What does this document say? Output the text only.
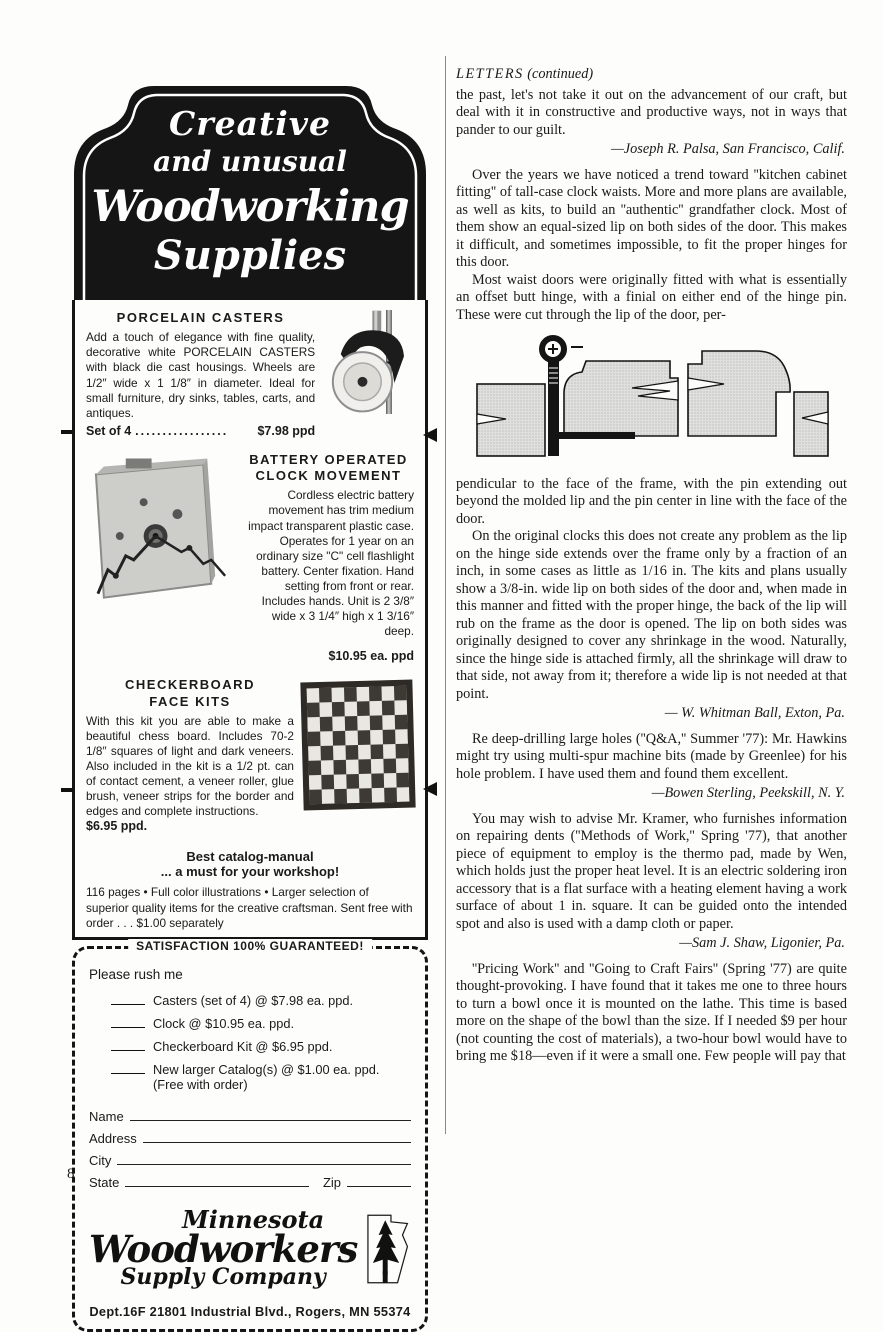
Creative
and unusual
Woodworking
Supplies
PORCELAIN CASTERS
Add a touch of elegance with fine quality, decorative white PORCELAIN CASTERS with black die cast housings. Wheels are 1/2″ wide x 1 1/8″ in diameter. Ideal for small furniture, dry sinks, tables, carts, and antiques.
Set of 4 .................	$7.98 ppd
BATTERY OPERATED
CLOCK MOVEMENT
Cordless electric battery movement has trim medium impact transparent plastic case. Operates for 1 year on an ordinary size "C" cell flashlight battery. Center fixation. Hand setting from front or rear. Includes hands. Unit is 2 3/8″ wide x 3 1/4″ high x 1 3/16″ deep.
$10.95 ea. ppd
CHECKERBOARD
FACE KITS
With this kit you are able to make a beautiful chess board. Includes 70-2 1/8″ squares of light and dark veneers. Also included in the kit is a 1/2 pt. can of contact cement, a veneer roller, glue brush, veneer strips for the border and edges and complete instructions.
$6.95 ppd.
Best catalog-manual
... a must for your workshop!
116 pages • Full color illustrations • Larger selection of superior quality items for the creative craftsman. Sent free with order . . . $1.00 separately
SATISFACTION 100% GUARANTEED!
Please rush me
Casters (set of 4) @ $7.98 ea. ppd.
Clock @ $10.95 ea. ppd.
Checkerboard Kit @ $6.95 ppd.
New larger Catalog(s) @ $1.00 ea. ppd. (Free with order)
Name
Address
City
State	Zip
Minnesota
Woodworkers
Supply Company
Dept.16F 21801 Industrial Blvd., Rogers, MN 55374
LETTERS (continued)

the past, let's not take it out on the advancement of our craft, but deal with it in constructive and productive ways, not in ways that pander to our guilt.

—Joseph R. Palsa, San Francisco, Calif.

Over the years we have noticed a trend toward ''kitchen cabinet fitting'' of tall-case clock waists. More and more plans are available, as well as kits, to build an ''authentic'' grandfather clock. Most of them show an equal-sized lip on both sides of the door. This makes it difficult, and sometimes impossible, to fit the proper hinges for this door.

Most waist doors were originally fitted with what is essentially an offset butt hinge, with a finial on either end of the hinge pin. These were cut through the lip of the door, per-

pendicular to the face of the frame, with the pin extending out beyond the molded lip and the pin center in line with the face of the door.

On the original clocks this does not create any problem as the lip on the hinge side extends over the frame only by a fraction of an inch, in some cases as little as 1/16 in. The kits and plans usually show a 3/8-in. wide lip on both sides of the door and, when made in this manner and fitted with the proper hinge, the back of the lip will rub on the frame as the door is opened. The lip on both sides was originally designed to cover any shrinkage in the wood. Naturally, since the hinge side is attached firmly, all the shrinkage will draw to that side, not away from it; therefore a wide lip is not needed at that point.

— W. Whitman Ball, Exton, Pa.

Re deep-drilling large holes (''Q&A,'' Summer '77): Mr. Hawkins might try using multi-spur machine bits (made by Greenlee) for his hole problem. I have used them and found them excellent.

—Bowen Sterling, Peekskill, N. Y.

You may wish to advise Mr. Kramer, who furnishes information on repairing dents (''Methods of Work,'' Spring '77), that another piece of equipment to employ is the thermo pad, made by Wen, which holds just the proper heat level. It is an electric soldering iron accessory that is a flat surface with a heating element having a work surface of about 1 in. square. It can be guided onto the intended spot and also is used with a damp cloth or paper.

—Sam J. Shaw, Ligonier, Pa.

''Pricing Work'' and ''Going to Craft Fairs'' (Spring '77) are quite thought-provoking. I have found that it takes me one to three hours to turn a bowl once it is mounted on the lathe. This time is based more on the shape of the bowl than the size. If I needed $9 per hour (not counting the cost of materials), a two-hour bowl would have to bring me $18—even if it were a small one. Few people will pay that

8
